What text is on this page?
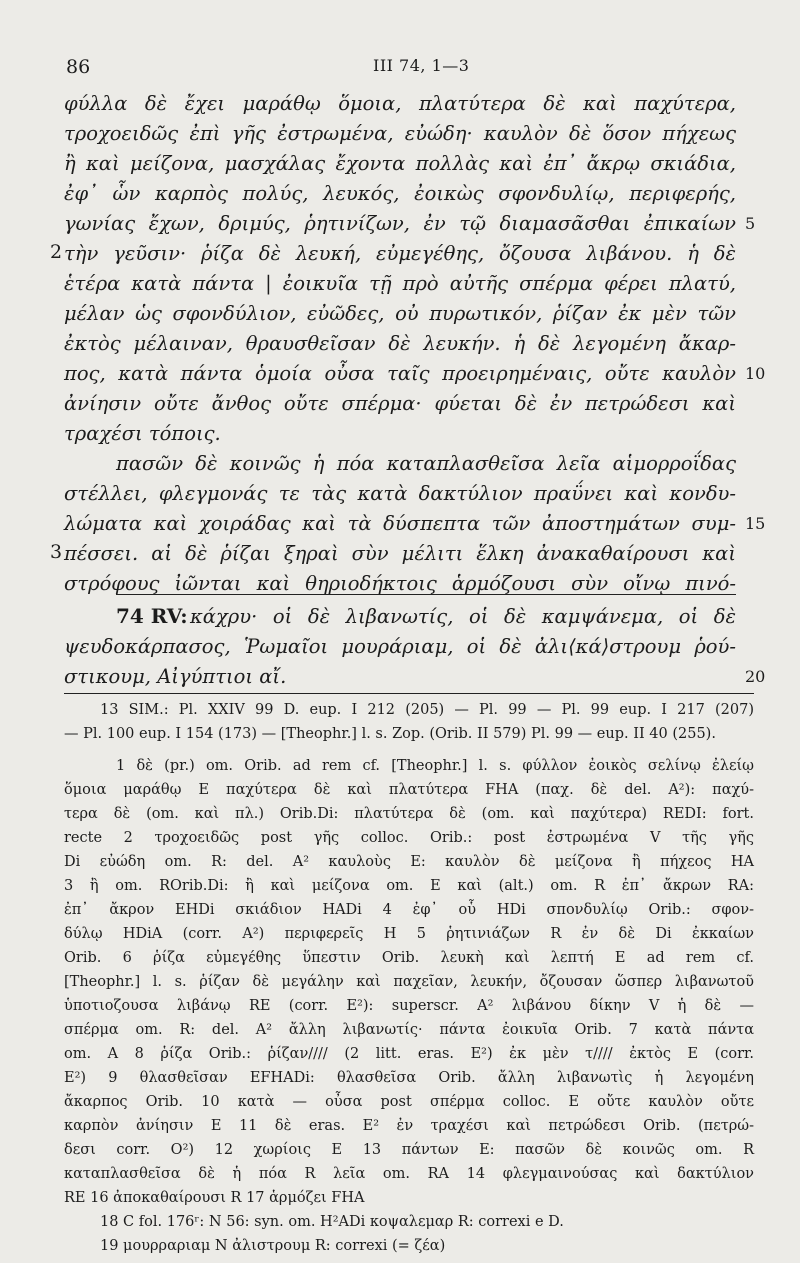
86	III 74, 1—3
φύλλα δὲ ἔχει μαράθῳ ὅμοια, πλατύτερα δὲ καὶ παχύτερα,
τροχοειδῶς ἐπὶ γῆς ἐστρωμένα, εὐώδη· καυλὸν δὲ ὅσον πήχεως
ἢ καὶ μείζονα, μασχάλας ἔχοντα πολλὰς καὶ ἐπ᾽ ἄκρῳ σκιάδια,
ἐφ᾽ ὧν καρπὸς πολύς, λευκός, ἐοικὼς σφονδυλίῳ, περιφερής,
γωνίας ἔχων, δριμύς, ῥητινίζων, ἐν τῷ διαμασᾶσθαι ἐπικαίων
τὴν γεῦσιν· ῥίζα δὲ λευκή, εὐμεγέθης, ὄζουσα λιβάνου. ἡ δὲ
ἑτέρα κατὰ πάντα | ἐοικυῖα τῇ πρὸ αὐτῆς σπέρμα φέρει πλατύ,
μέλαν ὡς σφονδύλιον, εὐῶδες, οὐ πυρωτικόν, ῥίζαν ἐκ μὲν τῶν
ἐκτὸς μέλαιναν, θραυσθεῖσαν δὲ λευκήν. ἡ δὲ λεγομένη ἄκαρ-
πος, κατὰ πάντα ὁμοία οὖσα ταῖς προειρημέναις, οὔτε καυλὸν
ἀνίησιν οὔτε ἄνθος οὔτε σπέρμα· φύεται δὲ ἐν πετρώδεσι καὶ
τραχέσι τόποις.
πασῶν δὲ κοινῶς ἡ πόα καταπλασθεῖσα λεῖα αἱμορροΐδας
στέλλει, φλεγμονάς τε τὰς κατὰ δακτύλιον πραΰνει καὶ κονδυ-
λώματα καὶ χοιράδας καὶ τὰ δύσπεπτα τῶν ἀποστημάτων συμ-
πέσσει. αἱ δὲ ῥίζαι ξηραὶ σὺν μέλιτι ἕλκη ἀνακαθαίρουσι καὶ
στρόφους ἰῶνται καὶ θηριοδήκτοις ἁρμόζουσι σὺν οἴνῳ πινό-
74 RV: κάχρυ· οἱ δὲ λιβανωτίς, οἱ δὲ καμψάνεμα, οἱ δὲ
ψευδοκάρπασος, Ῥωμαῖοι μουράριαμ, οἱ δὲ ἀλι⟨κά⟩στρουμ ῥού-
στικουμ, Αἰγύπτιοι αἴ.
2
3
5
10
15
20
13 SIM.: Pl. XXIV 99 D. eup. I 212 (205) — Pl. 99 — Pl. 99 eup. I 217 (207)
— Pl. 100 eup. I 154 (173) — [Theophr.] l. s. Zop. (Orib. II 579) Pl. 99 — eup. II 40 (255).
1 δὲ (pr.) om. Orib. ad rem cf. [Theophr.] l. s. φύλλον ἐοικὸς σελίνῳ ἐλείῳ
ὅμοια μαράθῳ E παχύτερα δὲ καὶ πλατύτερα FHA (παχ. δὲ del. A²): παχύ-
τερα δὲ (om. καὶ πλ.) Orib.Di: πλατύτερα δὲ (om. καὶ παχύτερα) REDI: fort.
recte 2 τροχοειδῶς post γῆς colloc. Orib.: post ἐστρωμένα V τῆς γῆς
Di εὐώδη om. R: del. A² καυλοὺς E: καυλὸν δὲ μείζονα ἢ πήχεος HA
3 ἢ om. ROrib.Di: ἢ καὶ μείζονα om. E καὶ (alt.) om. R ἐπ᾽ ἄκρων RA:
ἐπ᾽ ἄκρον EHDi σκιάδιον HADi 4 ἐφ᾽ οὗ HDi σπονδυλίῳ Orib.: σφον-
δύλῳ HDiA (corr. A²) περιφερεῖς H 5 ῥητινιάζων R ἐν δὲ Di ἐκκαίων
Orib. 6 ῥίζα εὐμεγέθης ὕπεστιν Orib. λευκὴ καὶ λεπτή E ad rem cf.
[Theophr.] l. s. ῥίζαν δὲ μεγάλην καὶ παχεῖαν, λευκήν, ὄζουσαν ὥσπερ λιβανωτοῦ
ὑποτιοζουσα λιβάνῳ RE (corr. E²): superscr. A² λιβάνου δίκην V ἡ δὲ —
σπέρμα om. R: del. A² ἄλλη λιβανωτίς· πάντα ἐοικυῖα Orib. 7 κατὰ πάντα
om. A 8 ῥίζα Orib.: ῥίζαν//// (2 litt. eras. E²) ἐκ μὲν τ//// ἐκτὸς E (corr.
E²) 9 θλασθεῖσαν EFHADi: θλασθεῖσα Orib. ἄλλη λιβανωτὶς ἡ λεγομένη
ἄκαρπος Orib. 10 κατὰ — οὖσα post σπέρμα colloc. E οὔτε καυλὸν οὔτε
καρπὸν ἀνίησιν E 11 δὲ eras. E² ἐν τραχέσι καὶ πετρώδεσι Orib. (πετρώ-
δεσι corr. O²) 12 χωρίοις E 13 πάντων E: πασῶν δὲ κοινῶς om. R
καταπλασθεῖσα δὲ ἡ πόα R λεῖα om. RA 14 φλεγμαινούσας καὶ δακτύλιον
RE 16 ἀποκαθαίρουσι R 17 ἁρμόζει FHA
18 C fol. 176ʳ: N 56: syn. om. H²ADi κοψαλεμαρ R: correxi e D.
19 μουρραριαμ N ἀλιστρουμ R: correxi (= ζέα)
